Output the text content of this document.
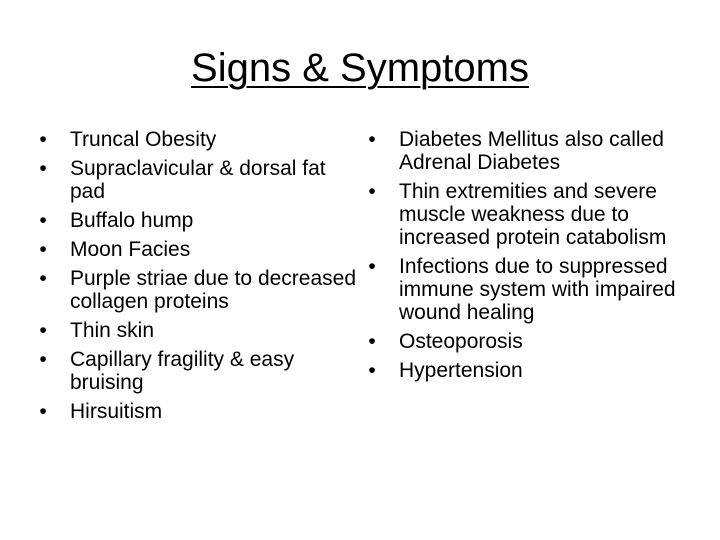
Signs & Symptoms
• Truncal Obesity
• Supraclavicular & dorsal fat pad
• Buffalo hump
• Moon Facies
• Purple striae due to decreased collagen proteins
• Thin skin
• Capillary fragility & easy bruising
• Hirsuitism
• Diabetes Mellitus also called Adrenal Diabetes
• Thin extremities and severe muscle weakness due to increased protein catabolism
• Infections due to suppressed immune system with impaired wound healing
• Osteoporosis
• Hypertension
